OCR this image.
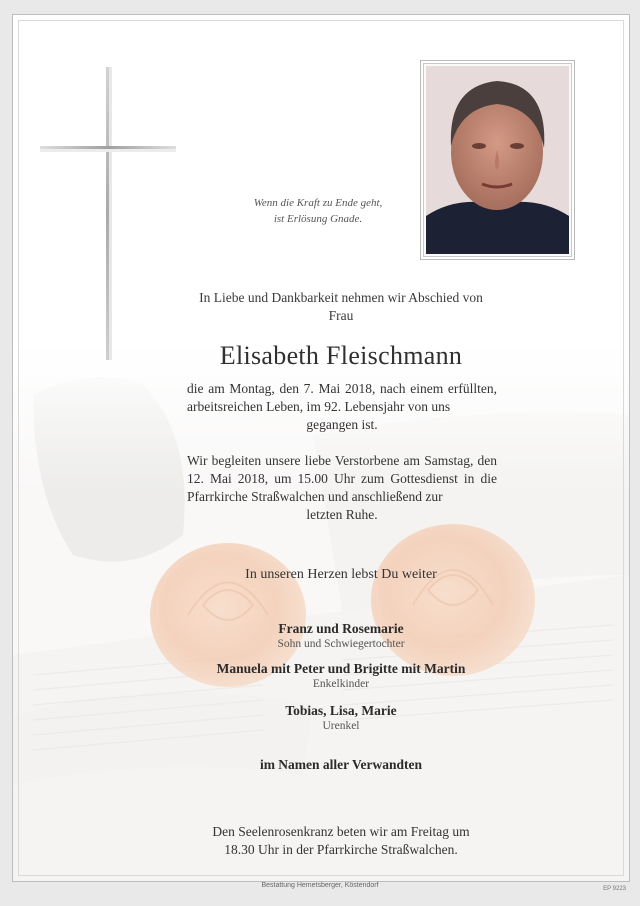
Wenn die Kraft zu Ende geht,
ist Erlösung Gnade.
In Liebe und Dankbarkeit nehmen wir Abschied von
Frau
Elisabeth Fleischmann
die am Montag, den 7. Mai 2018, nach einem erfüllten, arbeitsreichen Leben, im 92. Lebensjahr von uns
gegangen ist.
Wir begleiten unsere liebe Verstorbene am Samstag, den 12. Mai 2018, um 15.00 Uhr zum Gottesdienst in die Pfarrkirche Straßwalchen und anschließend zur
letzten Ruhe.
In unseren Herzen lebst Du weiter
Franz und Rosemarie
Sohn und Schwiegertochter
Manuela mit Peter und Brigitte mit Martin
Enkelkinder
Tobias, Lisa, Marie
Urenkel
im Namen aller Verwandten
Den Seelenrosenkranz beten wir am Freitag um
18.30 Uhr in der Pfarrkirche Straßwalchen.
Bestattung Hemetsberger, Köstendorf	EP 9223
